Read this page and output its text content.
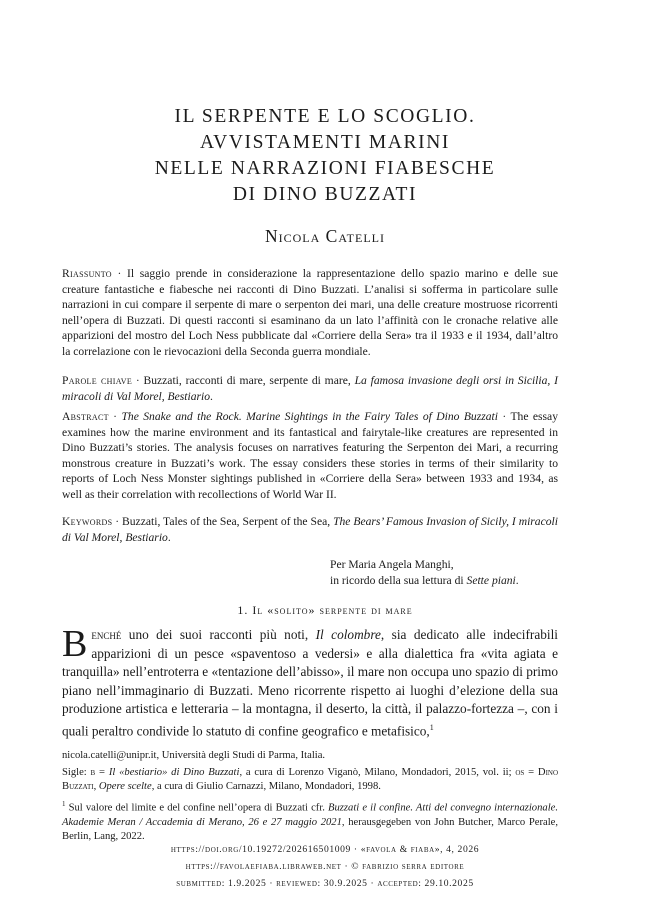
IL SERPENTE E LO SCOGLIO.
AVVISTAMENTI MARINI
NELLE NARRAZIONI FIABESCHE
DI DINO BUZZATI
Nicola Catelli
Riassunto · Il saggio prende in considerazione la rappresentazione dello spazio marino e delle sue creature fantastiche e fiabesche nei racconti di Dino Buzzati. L’analisi si sofferma in particolare sulle narrazioni in cui compare il serpente di mare o serpenton dei mari, una delle creature mostruose ricorrenti nell’opera di Buzzati. Di questi racconti si esaminano da un lato l’affinità con le cronache relative alle apparizioni del mostro del Loch Ness pubblicate dal «Corriere della Sera» tra il 1933 e il 1934, dall’altro la correlazione con le rievocazioni della Seconda guerra mondiale.
Parole chiave · Buzzati, racconti di mare, serpente di mare, La famosa invasione degli orsi in Sicilia, I miracoli di Val Morel, Bestiario.
Abstract · The Snake and the Rock. Marine Sightings in the Fairy Tales of Dino Buzzati · The essay examines how the marine environment and its fantastical and fairytale-like creatures are represented in Dino Buzzati’s stories. The analysis focuses on narratives featuring the Serpenton dei Mari, a recurring monstrous creature in Buzzati’s work. The essay considers these stories in terms of their similarity to reports of Loch Ness Monster sightings published in «Corriere della Sera» between 1933 and 1934, as well as their correlation with recollections of World War II.
Keywords · Buzzati, Tales of the Sea, Serpent of the Sea, The Bears’ Famous Invasion of Sicily, I miracoli di Val Morel, Bestiario.
Per Maria Angela Manghi,
in ricordo della sua lettura di Sette piani.
1. Il «solito» serpente di mare
Benché uno dei suoi racconti più noti, Il colombre, sia dedicato alle indecifrabili apparizioni di un pesce «spaventoso a vedersi» e alla dialettica fra «vita agiata e tranquilla» nell’entroterra e «tentazione dell’abisso», il mare non occupa uno spazio di primo piano nell’immaginario di Buzzati. Meno ricorrente rispetto ai luoghi d’elezione della sua produzione artistica e letteraria – la montagna, il deserto, la città, il palazzo-fortezza –, con i quali peraltro condivide lo statuto di confine geografico e metafisico,$^1$
nicola.catelli@unipr.it, Università degli Studi di Parma, Italia.
Sigle: b = Il «bestiario» di Dino Buzzati, a cura di Lorenzo Viganò, Milano, Mondadori, 2015, vol. ii; os = Dino Buzzati, Opere scelte, a cura di Giulio Carnazzi, Milano, Mondadori, 1998.
$^1$ Sul valore del limite e del confine nell’opera di Buzzati cfr. Buzzati e il confine. Atti del convegno internazionale. Akademie Meran / Accademia di Merano, 26 e 27 maggio 2021, herausgegeben von John Butcher, Marco Perale, Berlin, Lang, 2022.
https://doi.org/10.19272/202616501009 · «favola & fiaba», 4, 2026
https://favolaefiaba.libraweb.net · © fabrizio serra editore
submitted: 1.9.2025 · reviewed: 30.9.2025 · accepted: 29.10.2025
